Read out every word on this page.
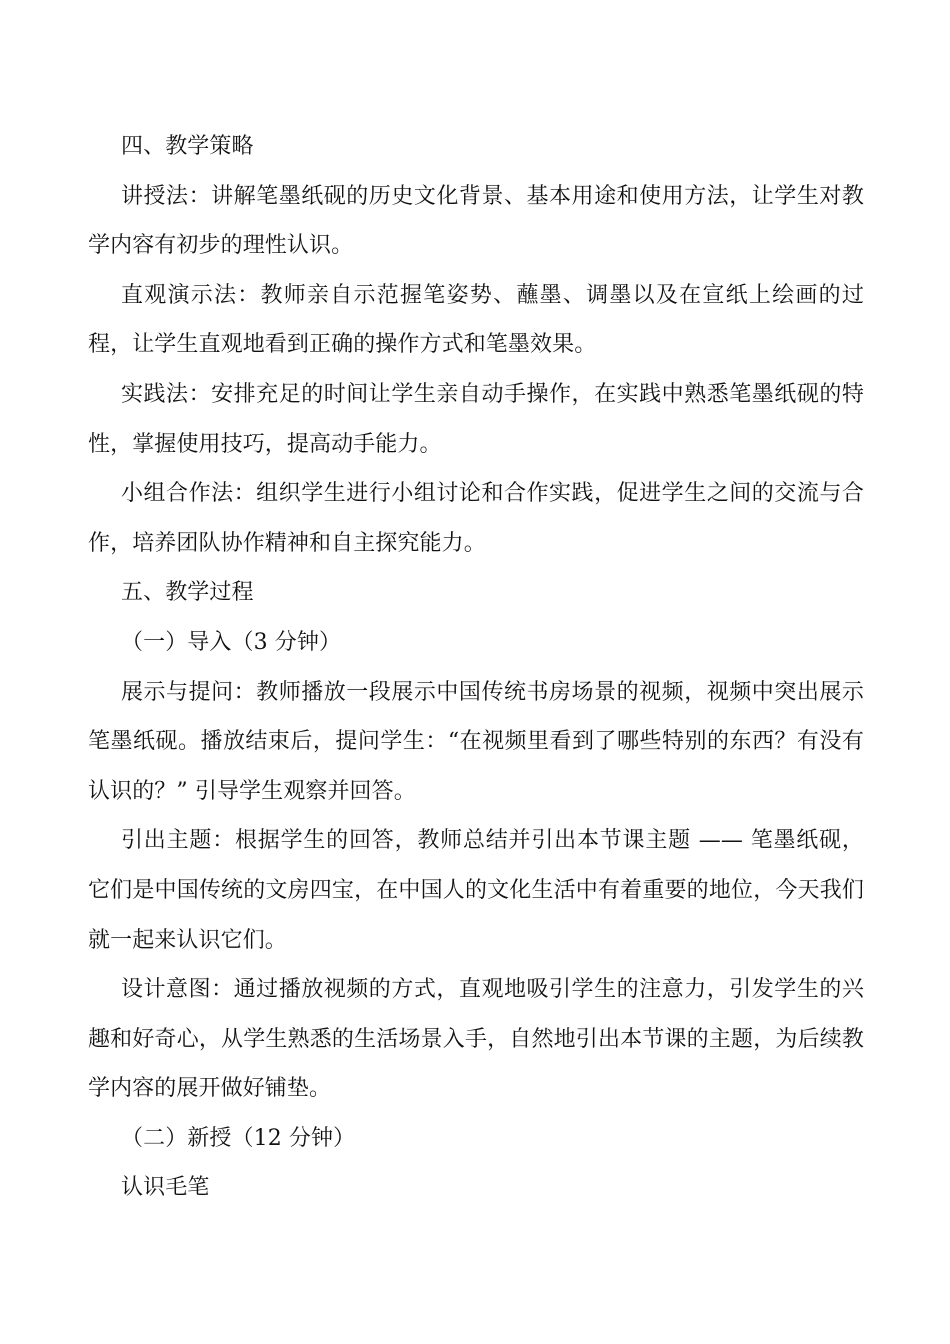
四、教学策略

讲授法：讲解笔墨纸砚的历史文化背景、基本用途和使用方法，让学生对教学内容有初步的理性认识。

直观演示法：教师亲自示范握笔姿势、蘸墨、调墨以及在宣纸上绘画的过程，让学生直观地看到正确的操作方式和笔墨效果。

实践法：安排充足的时间让学生亲自动手操作，在实践中熟悉笔墨纸砚的特性，掌握使用技巧，提高动手能力。

小组合作法：组织学生进行小组讨论和合作实践，促进学生之间的交流与合作，培养团队协作精神和自主探究能力。

五、教学过程

（一）导入（3 分钟）

展示与提问：教师播放一段展示中国传统书房场景的视频，视频中突出展示笔墨纸砚。播放结束后，提问学生：“在视频里看到了哪些特别的东西？有没有认识的？” 引导学生观察并回答。

引出主题：根据学生的回答，教师总结并引出本节课主题 —— 笔墨纸砚，它们是中国传统的文房四宝，在中国人的文化生活中有着重要的地位，今天我们就一起来认识它们。

设计意图：通过播放视频的方式，直观地吸引学生的注意力，引发学生的兴趣和好奇心，从学生熟悉的生活场景入手，自然地引出本节课的主题，为后续教学内容的展开做好铺垫。

（二）新授（12 分钟）

认识毛笔
